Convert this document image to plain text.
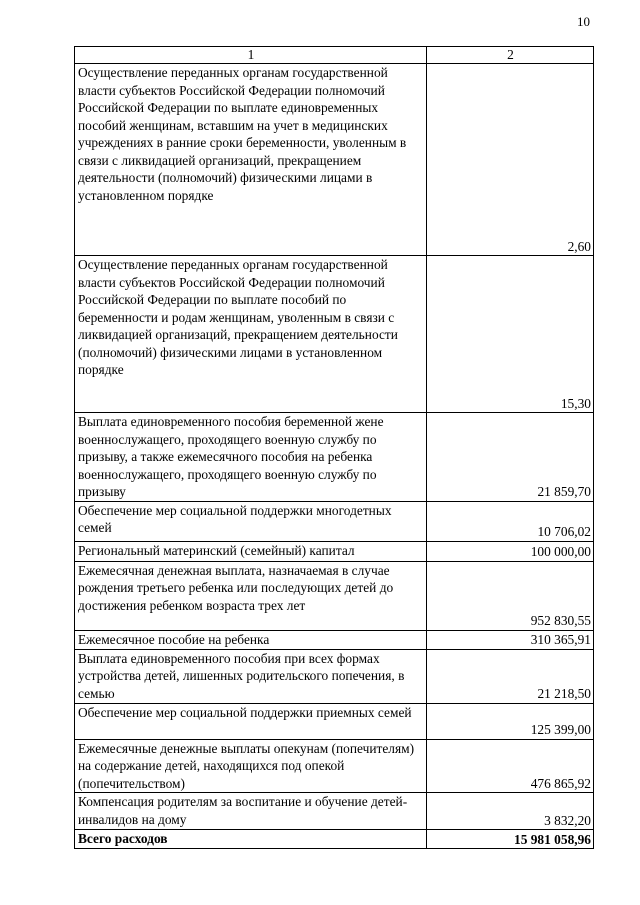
10
1	2
Осуществление переданных органам государственной власти субъектов Российской Федерации полномочий Российской Федерации по выплате единовременных пособий женщинам, вставшим на учет в медицинских учреждениях в ранние сроки беременности, уволенным в связи с ликвидацией организаций, прекращением деятельности (полномочий) физическими лицами в установленном порядке	2,60
Осуществление переданных органам государственной власти субъектов Российской Федерации полномочий Российской Федерации по выплате пособий по беременности и родам женщинам, уволенным в связи с ликвидацией организаций, прекращением деятельности (полномочий) физическими лицами в установленном порядке	15,30
Выплата единовременного пособия беременной жене военнослужащего, проходящего военную службу по призыву, а также ежемесячного пособия на ребенка военнослужащего, проходящего военную службу по призыву	21 859,70
Обеспечение мер социальной поддержки многодетных семей	10 706,02
Региональный материнский (семейный) капитал	100 000,00
Ежемесячная денежная выплата, назначаемая в случае рождения третьего ребенка или последующих детей до достижения ребенком возраста трех лет	952 830,55
Ежемесячное пособие на ребенка	310 365,91
Выплата единовременного пособия при всех формах устройства детей, лишенных родительского попечения, в семью	21 218,50
Обеспечение мер социальной поддержки приемных семей	125 399,00
Ежемесячные денежные выплаты опекунам (попечителям) на содержание детей, находящихся под опекой (попечительством)	476 865,92
Компенсация родителям за воспитание и обучение детей-инвалидов на дому	3 832,20
Всего расходов	15 981 058,96
